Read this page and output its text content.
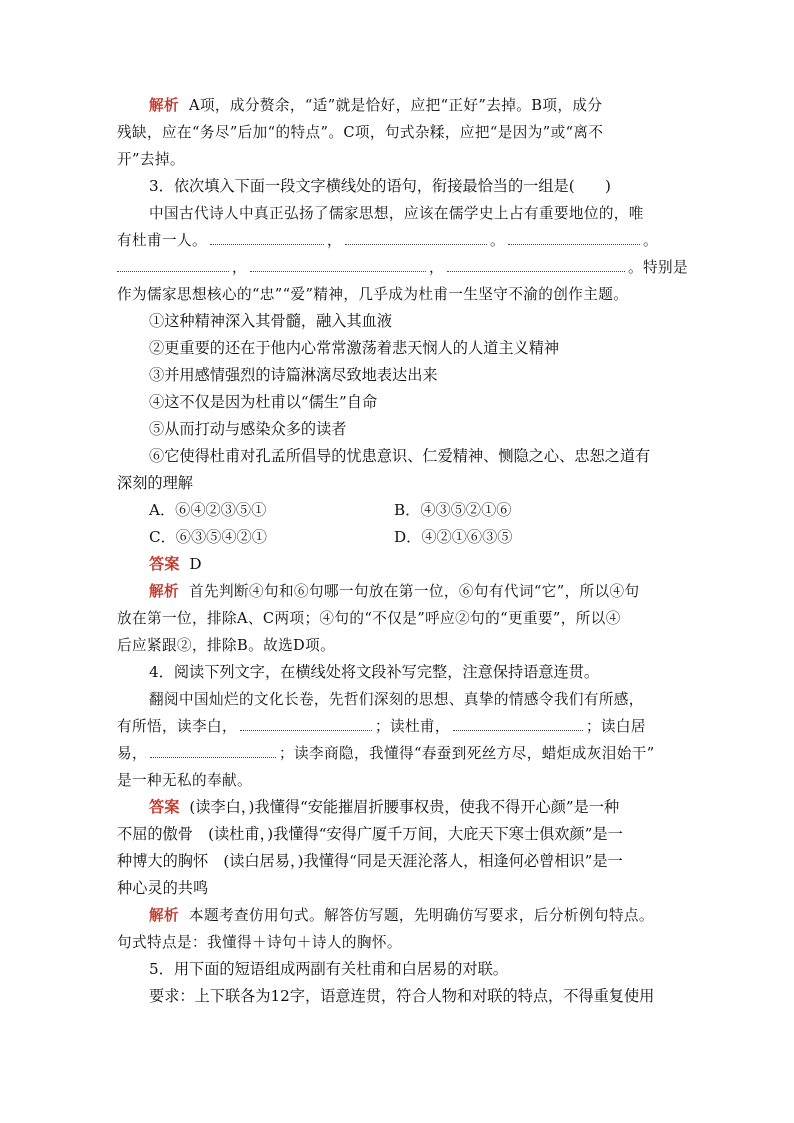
解析 A项，成分赘余，“适”就是恰好，应把“正好”去掉。B项，成分
残缺，应在“务尽”后加“的特点”。C项，句式杂糅，应把“是因为”或“离不
开”去掉。
3．依次填入下面一段文字横线处的语句，衔接最恰当的一组是(　　)
中国古代诗人中真正弘扬了儒家思想，应该在儒学史上占有重要地位的，唯
有杜甫一人。	，	。	。
，	，	。特别是
作为儒家思想核心的“忠”“爱”精神，几乎成为杜甫一生坚守不渝的创作主题。
①这种精神深入其骨髓，融入其血液
②更重要的还在于他内心常常激荡着悲天悯人的人道主义精神
③并用感情强烈的诗篇淋漓尽致地表达出来
④这不仅是因为杜甫以“儒生”自命
⑤从而打动与感染众多的读者
⑥它使得杜甫对孔孟所倡导的忧患意识、仁爱精神、恻隐之心、忠恕之道有
深刻的理解
A．⑥④②③⑤①	B．④③⑤②①⑥
C．⑥③⑤④②①	D．④②①⑥③⑤
答案 D
解析 首先判断④句和⑥句哪一句放在第一位，⑥句有代词“它”，所以④句
放在第一位，排除A、C两项；④句的“不仅是”呼应②句的“更重要”，所以④
后应紧跟②，排除B。故选D项。
4．阅读下列文字，在横线处将文段补写完整，注意保持语意连贯。
翻阅中国灿烂的文化长卷，先哲们深刻的思想、真挚的情感令我们有所感，
有所悟，读李白，	；读杜甫，	；读白居
易，	；读李商隐，我懂得“春蚕到死丝方尽，蜡炬成灰泪始干”
是一种无私的奉献。
答案 (读李白，)我懂得“安能摧眉折腰事权贵，使我不得开心颜”是一种
不屈的傲骨　(读杜甫，)我懂得“安得广厦千万间，大庇天下寒士俱欢颜”是一
种博大的胸怀　(读白居易，)我懂得“同是天涯沦落人，相逢何必曾相识”是一
种心灵的共鸣
解析 本题考查仿用句式。解答仿写题，先明确仿写要求，后分析例句特点。
句式特点是：我懂得＋诗句＋诗人的胸怀。
5．用下面的短语组成两副有关杜甫和白居易的对联。
要求：上下联各为12字，语意连贯，符合人物和对联的特点，不得重复使用
